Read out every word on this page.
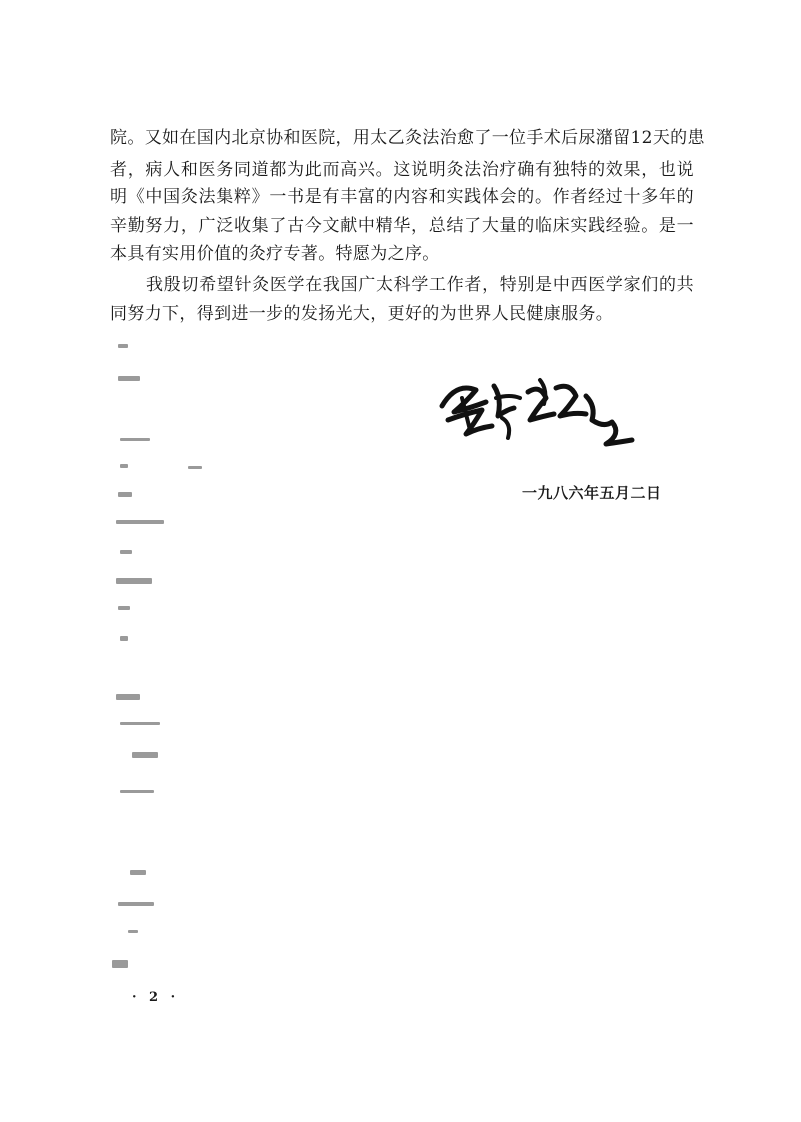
院。又如在国内北京协和医院，用太乙灸法治愈了一位手术后尿潴留12天的患
者，病人和医务同道都为此而高兴。这说明灸法治疗确有独特的效果，也说
明《中国灸法集粹》一书是有丰富的内容和实践体会的。作者经过十多年的
辛勤努力，广泛收集了古今文献中精华，总结了大量的临床实践经验。是一
本具有实用价值的灸疗专著。特愿为之序。
我殷切希望针灸医学在我国广太科学工作者，特别是中西医学家们的共
同努力下，得到进一步的发扬光大，更好的为世界人民健康服务。
一九八六年五月二日
· 2 ·
